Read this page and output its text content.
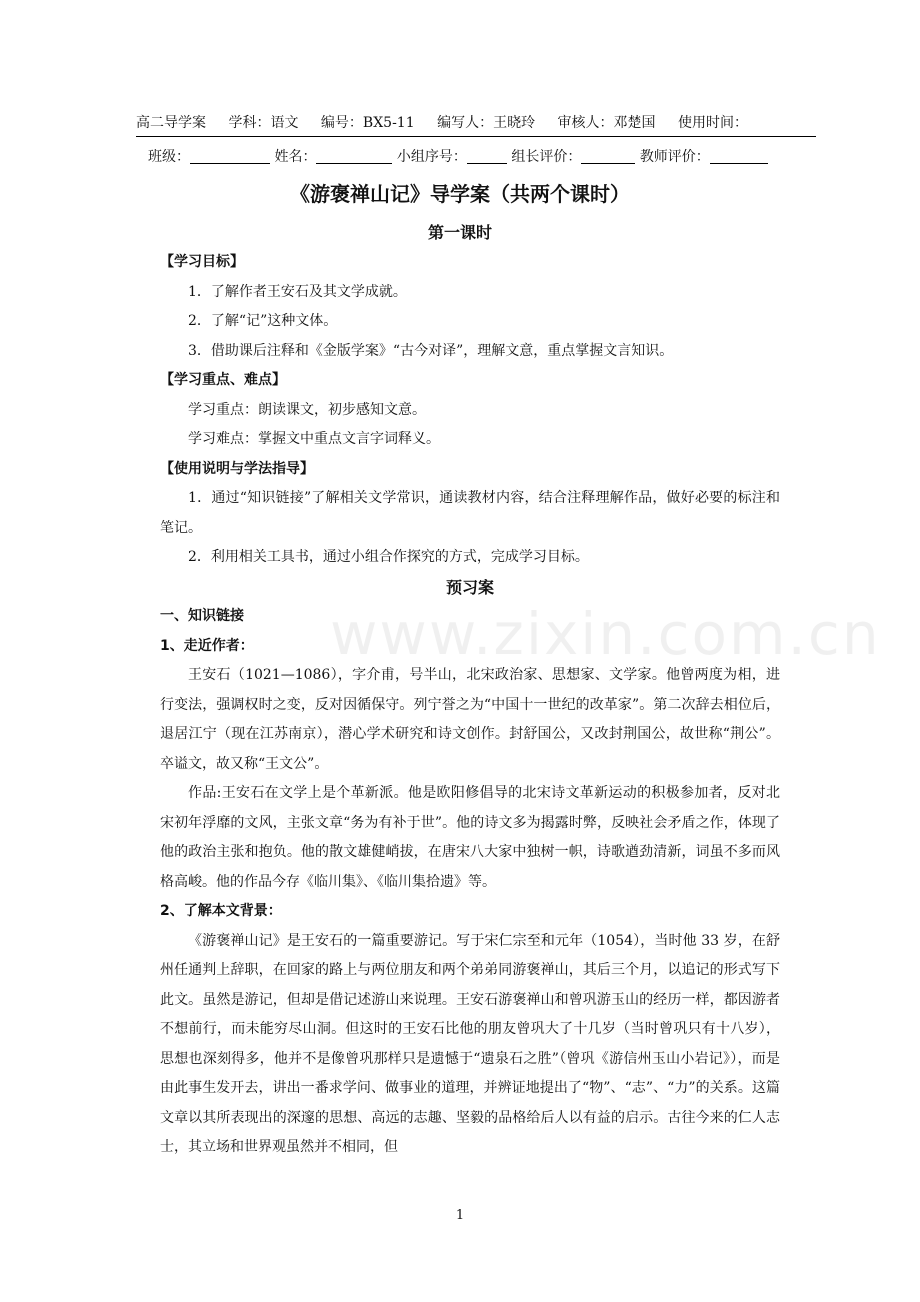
高二导学案 学科：语文 编号：BX5-11 编写人：王晓玲 审核人：邓楚国 使用时间：
班级：	姓名：	小组序号：	组长评价：	教师评价：
《游褒禅山记》导学案（共两个课时）
第一课时
www.zixin.com.cn

【学习目标】

1．了解作者王安石及其文学成就。

2．了解“记”这种文体。

3．借助课后注释和《金版学案》“古今对译”，理解文意，重点掌握文言知识。

【学习重点、难点】

学习重点：朗读课文，初步感知文意。

学习难点：掌握文中重点文言字词释义。

【使用说明与学法指导】

1．通过“知识链接”了解相关文学常识，通读教材内容，结合注释理解作品，做好必要的标注和笔记。

2．利用相关工具书，通过小组合作探究的方式，完成学习目标。

预习案

一、知识链接

1、走近作者：

王安石（1021—1086），字介甫，号半山，北宋政治家、思想家、文学家。他曾两度为相，进行变法，强调权时之变，反对因循保守。列宁誉之为“中国十一世纪的改革家”。第二次辞去相位后，退居江宁（现在江苏南京），潜心学术研究和诗文创作。封舒国公，又改封荆国公，故世称“荆公”。卒谥文，故又称“王文公”。

作品:王安石在文学上是个革新派。他是欧阳修倡导的北宋诗文革新运动的积极参加者，反对北宋初年浮靡的文风，主张文章“务为有补于世”。他的诗文多为揭露时弊，反映社会矛盾之作，体现了他的政治主张和抱负。他的散文雄健峭拔，在唐宋八大家中独树一帜，诗歌遒劲清新，词虽不多而风格高峻。他的作品今存《临川集》、《临川集拾遗》等。

2、了解本文背景：

《游褒禅山记》是王安石的一篇重要游记。写于宋仁宗至和元年（1054），当时他 33 岁，在舒州任通判上辞职，在回家的路上与两位朋友和两个弟弟同游褒禅山，其后三个月，以追记的形式写下此文。虽然是游记，但却是借记述游山来说理。王安石游褒禅山和曾巩游玉山的经历一样，都因游者不想前行，而未能穷尽山洞。但这时的王安石比他的朋友曾巩大了十几岁（当时曾巩只有十八岁），思想也深刻得多，他并不是像曾巩那样只是遗憾于“遗泉石之胜”（曾巩《游信州玉山小岩记》），而是由此事生发开去，讲出一番求学问、做事业的道理，并辨证地提出了“物”、“志”、“力”的关系。这篇文章以其所表现出的深邃的思想、高远的志趣、坚毅的品格给后人以有益的启示。古往今来的仁人志士，其立场和世界观虽然并不相同，但

1
